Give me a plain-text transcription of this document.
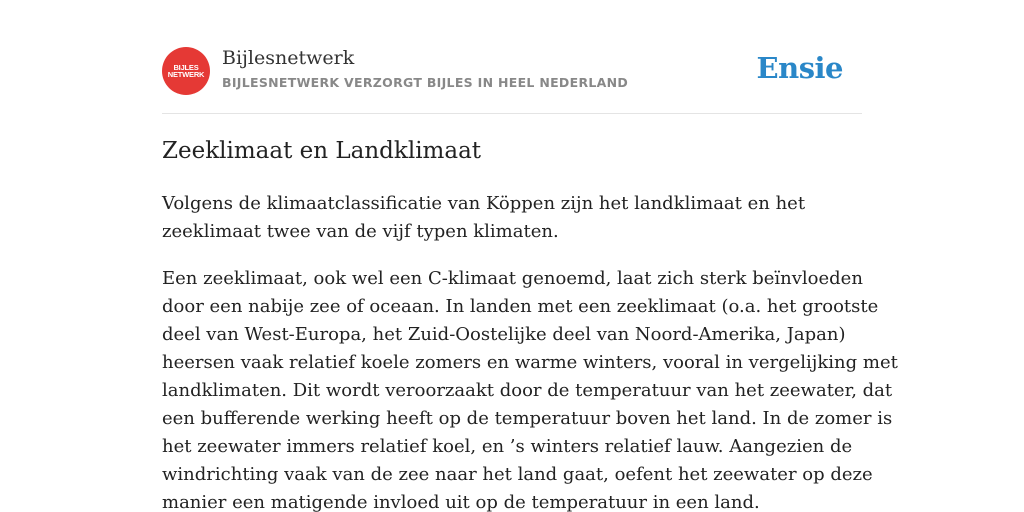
BIJLES
NETWERK
Bijlesnetwerk
BIJLESNETWERK VERZORGT BIJLES IN HEEL NEDERLAND	Ensie
Zeeklimaat en Landklimaat

Volgens de klimaatclassificatie van Köppen zijn het landklimaat en het
zeeklimaat twee van de vijf typen klimaten.

Een zeeklimaat, ook wel een C-klimaat genoemd, laat zich sterk beïnvloeden
door een nabije zee of oceaan. In landen met een zeeklimaat (o.a. het grootste
deel van West-Europa, het Zuid-Oostelijke deel van Noord-Amerika, Japan)
heersen vaak relatief koele zomers en warme winters, vooral in vergelijking met
landklimaten. Dit wordt veroorzaakt door de temperatuur van het zeewater, dat
een bufferende werking heeft op de temperatuur boven het land. In de zomer is
het zeewater immers relatief koel, en ’s winters relatief lauw. Aangezien de
windrichting vaak van de zee naar het land gaat, oefent het zeewater op deze
manier een matigende invloed uit op de temperatuur in een land.
